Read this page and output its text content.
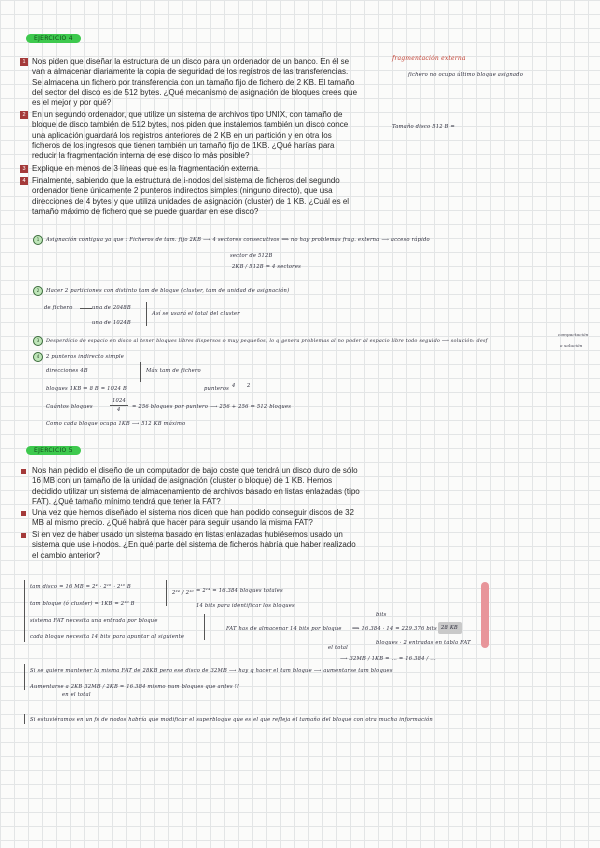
EJERCICIO 4
1 Nos piden que diseñar la estructura de un disco para un ordenador de un banco. En él se van a almacenar diariamente la copia de seguridad de los registros de las transferencias. Se almacena un fichero por transferencia con un tamaño fijo de fichero de 2 KB. El tamaño del sector del disco es de 512 bytes. ¿Qué mecanismo de asignación de bloques crees que es el mejor y por qué?
2 En un segundo ordenador, que utilize un sistema de archivos tipo UNIX, con tamaño de bloque de disco también de 512 bytes, nos piden que instalemos también un disco conce una aplicación guardará los registros anteriores de 2 KB en un partición y en otra los ficheros de los ingresos que tienen también un tamaño fijo de 1KB. ¿Qué harías para reducir la fragmentación interna de ese disco lo más posible?
3 Explique en menos de 3 líneas que es la fragmentación externa.
4 Finalmente, sabiendo que la estructura de i-nodos del sistema de ficheros del segundo ordenador tiene únicamente 2 punteros indirectos simples (ninguno directo), que usa direcciones de 4 bytes y que utiliza unidades de asignación (cluster) de 1 KB. ¿Cuál es el tamaño máximo de fichero que se puede guardar en ese disco?
fragmentación externa
fichero no ocupa último bloque asignado
Tamaño disco 512 B =
1	Asignación contigua ya que : Ficheros de tam. fijo 2KB ⟶ 4 sectores consecutivos ⟹ no hay problemas frag. externa ⟶ acceso rápido
sector de 512B
2KB / 512B = 4 sectores
2	Hacer 2 particiones con distinto tam de bloque (cluster, tam de unidad de asignación)
de fichero	una de 2048B
una de 1024B
Así se usará el total del cluster
3	Desperdicio de espacio en disco al tener bloques libres dispersos o muy pequeños, lo q genera problemas al no poder al espacio libre todo seguido ⟶ solución: desf
compactación
o solución
4	2 punteros indirecto simple
direcciones 4B	Máx tam de fichero
bloques 1KB = 8 B = 1024 B	punteros 4 2
Cuántos bloques
1024
4 = 256 bloques por puntero ⟶ 256 + 256 = 512 bloques
Como cada bloque ocupa 1KB ⟶ 512 KB máximo
EJERCICIO 5
Nos han pedido el diseño de un computador de bajo coste que tendrá un disco duro de sólo 16 MB con un tamaño de la unidad de asignación (cluster o bloque) de 1 KB. Hemos decidido utilizar un sistema de almacenamiento de archivos basado en listas enlazadas (tipo FAT). ¿Qué tamaño mínimo tendrá que tener la FAT?
Una vez que hemos diseñado el sistema nos dicen que han podido conseguir discos de 32 MB al mismo precio. ¿Qué habrá que hacer para seguir usando la misma FAT?
Si en vez de haber usado un sistema basado en listas enlazadas hubiésemos usado un sistema que use i-nodos. ¿En qué parte del sistema de ficheros habría que haber realizado el cambio anterior?
tam disco = 16 MB = 2⁴ · 2¹⁰ · 2¹⁰ B
tam bloque (ó cluster) = 1KB = 2¹⁰ B
sistema FAT necesita una entrada por bloque
cada bloque necesita 14 bits para apuntar al siguiente
2²⁴ / 2¹⁰ = 2¹⁴ = 16.384 bloques totales
14 bits para identificar los bloques
FAT has de almacenar 14 bits por bloque ⟹ 16.384 · 14 = 229.376 bits
bits
28 KB
el total
bloques · 2 entradas en tabla FAT
⟶ 32MB / 1KB = ... = 16.384 / ...
Si se quiere mantener la misma FAT de 28KB pero ese disco de 32MB ⟶ hay q hacer el tam bloque ⟶ aumentarse tam bloques
Aumentarse a 2KB 32MB / 2KB = 16.384 mismo num bloques que antes !!
en el total
Si estuviéramos en un fs de nodos habría que modificar el superbloque que es el que refleja el tamaño del bloque con otra mucha información
